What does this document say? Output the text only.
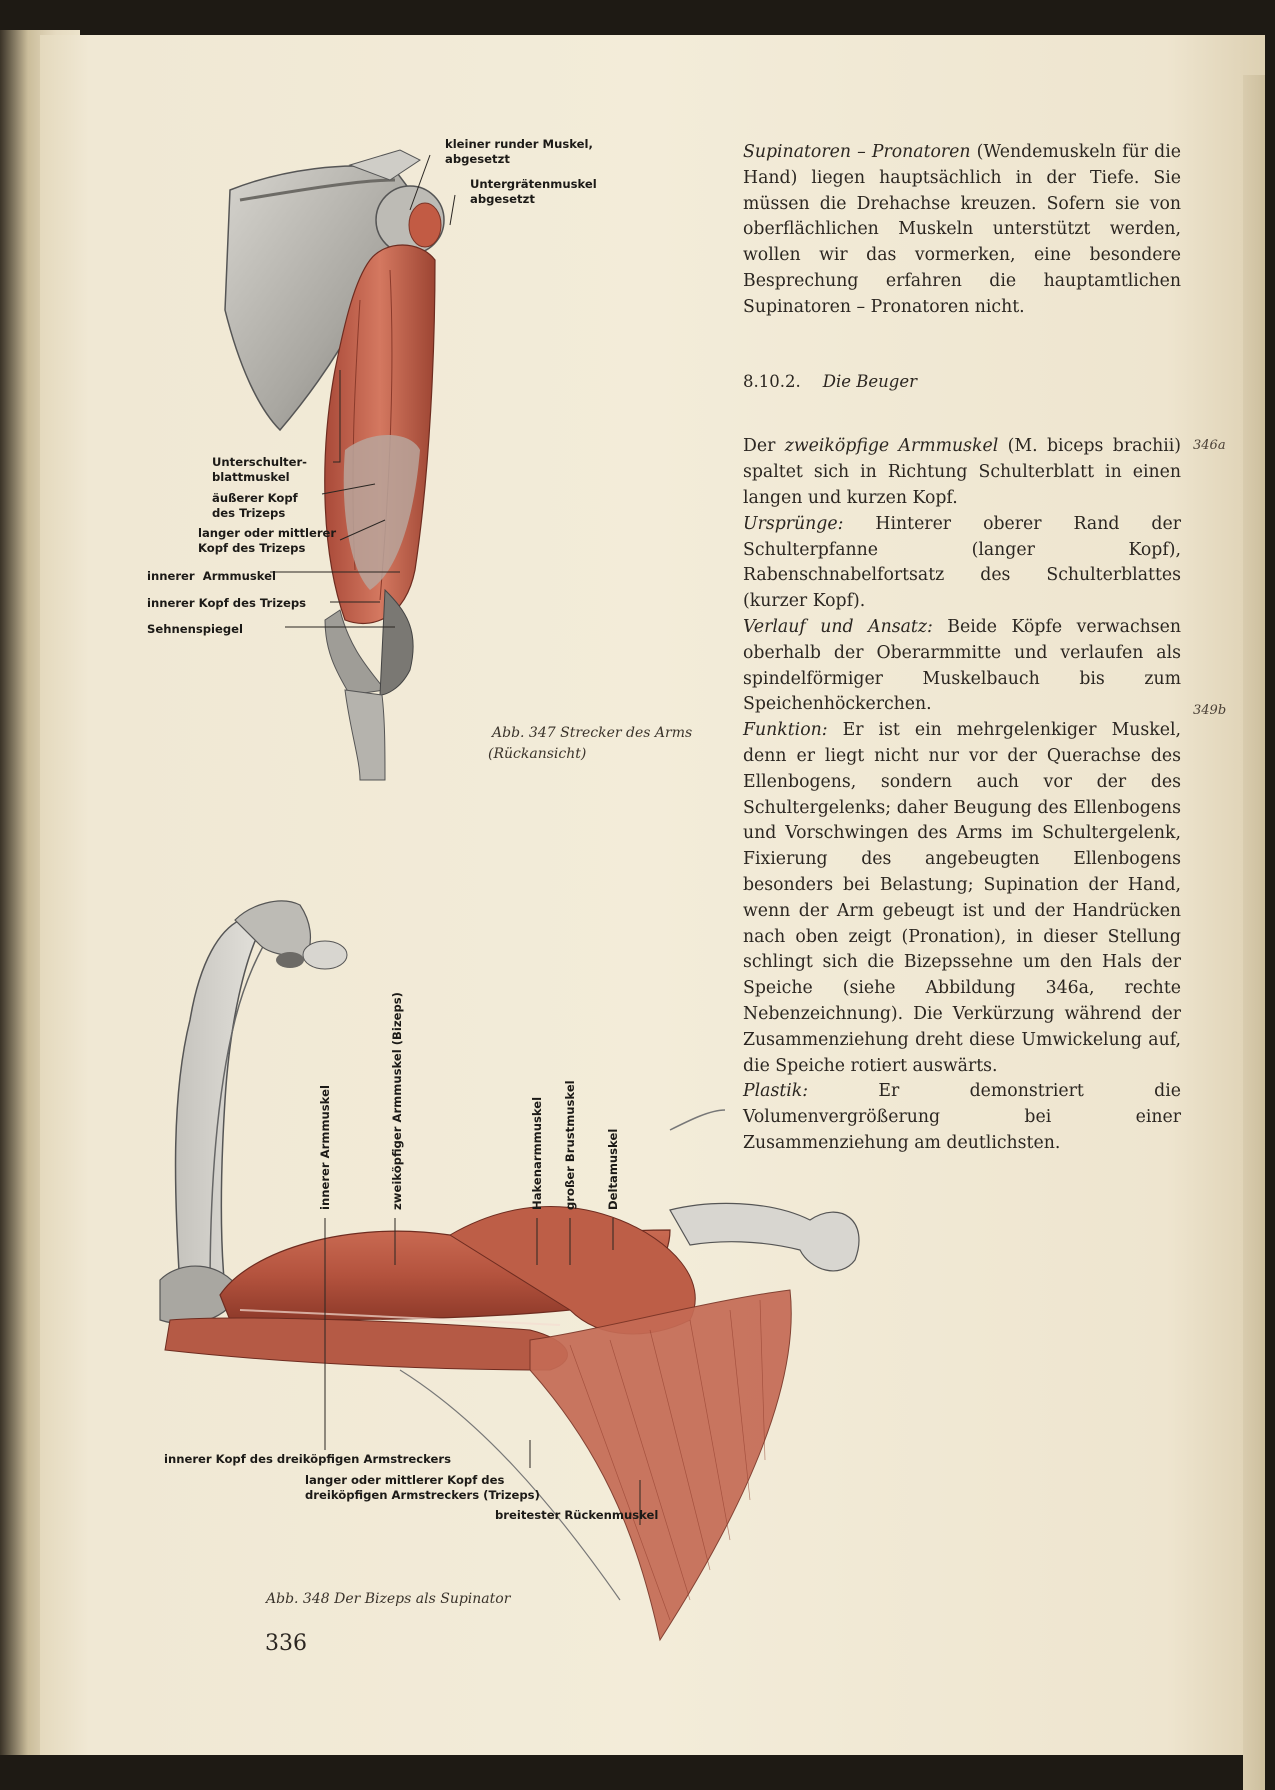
kleiner runder Muskel,
abgesetzt
Untergrätenmuskel
abgesetzt
Unterschulter-
blattmuskel
äußerer Kopf
des Trizeps
langer oder mittlerer
Kopf des Trizeps
innerer  Armmuskel
innerer Kopf des Trizeps
Sehnenspiegel
Abb. 347 Strecker des Arms
(Rückansicht)

Supinatoren – Pronatoren (Wendemuskeln für die Hand) liegen hauptsächlich in der Tiefe. Sie müssen die Drehachse kreuzen. Sofern sie von oberflächlichen Muskeln unterstützt werden, wollen wir das vormerken, eine besondere Besprechung erfahren die hauptamtlichen Supinatoren – Pronatoren nicht.

8.10.2. Die Beuger

Der zweiköpfige Armmuskel (M. biceps brachii) spaltet sich in Richtung Schulterblatt in einen langen und kurzen Kopf.

Ursprünge: Hinterer oberer Rand der Schulterpfanne (langer Kopf), Rabenschnabelfortsatz des Schulterblattes (kurzer Kopf).

Verlauf und Ansatz: Beide Köpfe verwachsen oberhalb der Oberarmmitte und verlaufen als spindelförmiger Muskelbauch bis zum Speichenhöckerchen.

Funktion: Er ist ein mehrgelenkiger Muskel, denn er liegt nicht nur vor der Querachse des Ellenbogens, sondern auch vor der des Schultergelenks; daher Beugung des Ellenbogens und Vorschwingen des Arms im Schultergelenk, Fixierung des angebeugten Ellenbogens besonders bei Belastung; Supination der Hand, wenn der Arm gebeugt ist und der Handrücken nach oben zeigt (Pronation), in dieser Stellung schlingt sich die Bizepssehne um den Hals der Speiche (siehe Abbildung 346a, rechte Nebenzeichnung). Die Verkürzung während der Zusammenziehung dreht diese Umwickelung auf, die Speiche rotiert auswärts.

Plastik: Er demonstriert die Volumenvergrößerung bei einer Zusammenziehung am deutlichsten.

346a
349b
innerer Armmuskel	zweiköpfiger Armmuskel (Bizeps)	Hakenarmmuskel großer Brustmuskel	Deltamuskel
innerer Kopf des dreiköpfigen Armstreckers
langer oder mittlerer Kopf des
dreiköpfigen Armstreckers (Trizeps)
breitester Rückenmuskel
Abb. 348 Der Bizeps als Supinator
336
